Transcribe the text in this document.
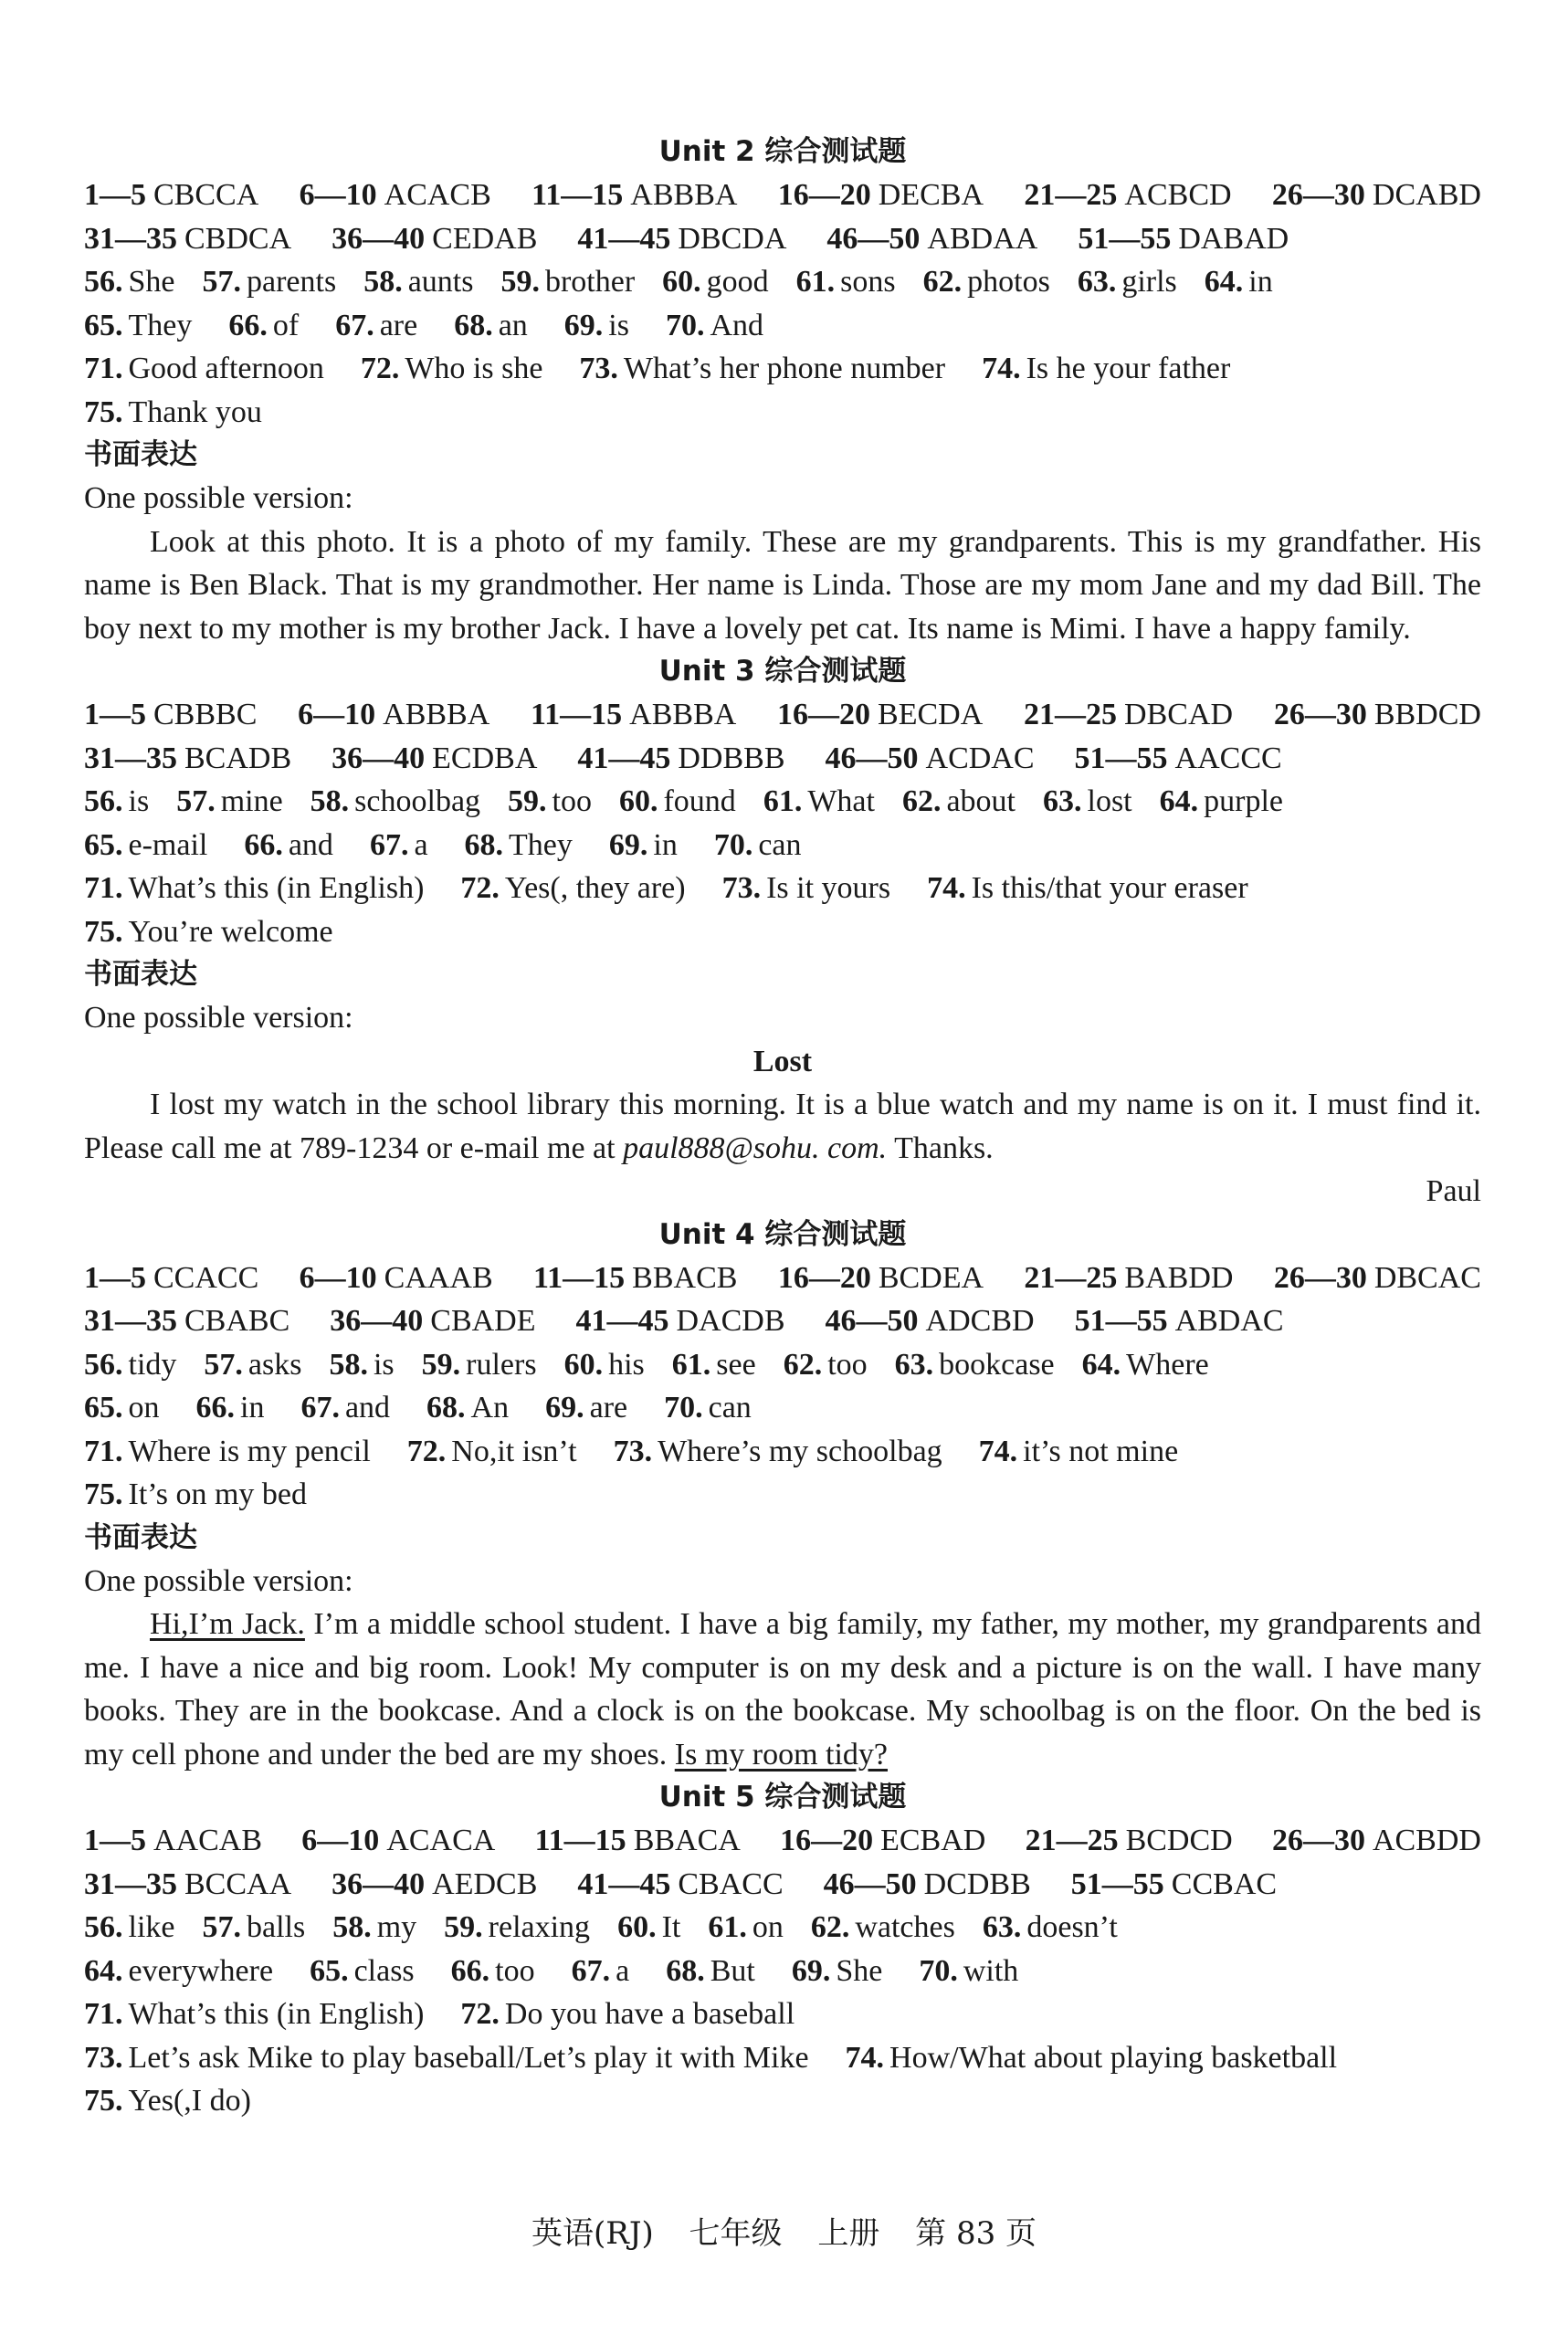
Unit 2 综合测试题
1—5 CBCCA 6—10 ACACB 11—15 ABBBA 16—20 DECBA 21—25 ACBCD 26—30 DCABD
31—35 CBDCA 36—40 CEDAB 41—45 DBCDA 46—50 ABDAA 51—55 DABAD
56. She 57. parents 58. aunts 59. brother 60. good 61. sons 62. photos 63. girls 64. in
65. They 66. of 67. are 68. an 69. is 70. And
71. Good afternoon 72. Who is she 73. What’s her phone number 74. Is he your father
75. Thank you
书面表达
One possible version:
Look at this photo. It is a photo of my family. These are my grandparents. This is my grandfather. His name is Ben Black. That is my grandmother. Her name is Linda. Those are my mom Jane and my dad Bill. The boy next to my mother is my brother Jack. I have a lovely pet cat. Its name is Mimi. I have a happy family.
Unit 3 综合测试题
1—5 CBBBC 6—10 ABBBA 11—15 ABBBA 16—20 BECDA 21—25 DBCAD 26—30 BBDCD
31—35 BCADB 36—40 ECDBA 41—45 DDBBB 46—50 ACDAC 51—55 AACCC
56. is 57. mine 58. schoolbag 59. too 60. found 61. What 62. about 63. lost 64. purple
65. e-mail 66. and 67. a 68. They 69. in 70. can
71. What’s this (in English) 72. Yes(, they are) 73. Is it yours 74. Is this/that your eraser
75. You’re welcome
书面表达
One possible version:
Lost
I lost my watch in the school library this morning. It is a blue watch and my name is on it. I must find it. Please call me at 789-1234 or e-mail me at paul888@sohu. com. Thanks.
Paul
Unit 4 综合测试题
1—5 CCACC 6—10 CAAAB 11—15 BBACB 16—20 BCDEA 21—25 BABDD 26—30 DBCAC
31—35 CBABC 36—40 CBADE 41—45 DACDB 46—50 ADCBD 51—55 ABDAC
56. tidy 57. asks 58. is 59. rulers 60. his 61. see 62. too 63. bookcase 64. Where
65. on 66. in 67. and 68. An 69. are 70. can
71. Where is my pencil 72. No,it isn’t 73. Where’s my schoolbag 74. it’s not mine
75. It’s on my bed
书面表达
One possible version:
Hi,I’m Jack. I’m a middle school student. I have a big family, my father, my mother, my grandparents and me. I have a nice and big room. Look! My computer is on my desk and a picture is on the wall. I have many books. They are in the bookcase. And a clock is on the bookcase. My schoolbag is on the floor. On the bed is my cell phone and under the bed are my shoes. Is my room tidy?
Unit 5 综合测试题
1—5 AACAB 6—10 ACACA 11—15 BBACA 16—20 ECBAD 21—25 BCDCD 26—30 ACBDD
31—35 BCCAA 36—40 AEDCB 41—45 CBACC 46—50 DCDBB 51—55 CCBAC
56. like 57. balls 58. my 59. relaxing 60. It 61. on 62. watches 63. doesn’t
64. everywhere 65. class 66. too 67. a 68. But 69. She 70. with
71. What’s this (in English) 72. Do you have a baseball
73. Let’s ask Mike to play baseball/Let’s play it with Mike 74. How/What about playing basketball
75. Yes(,I do)
英语(RJ) 七年级 上册 第 83 页
